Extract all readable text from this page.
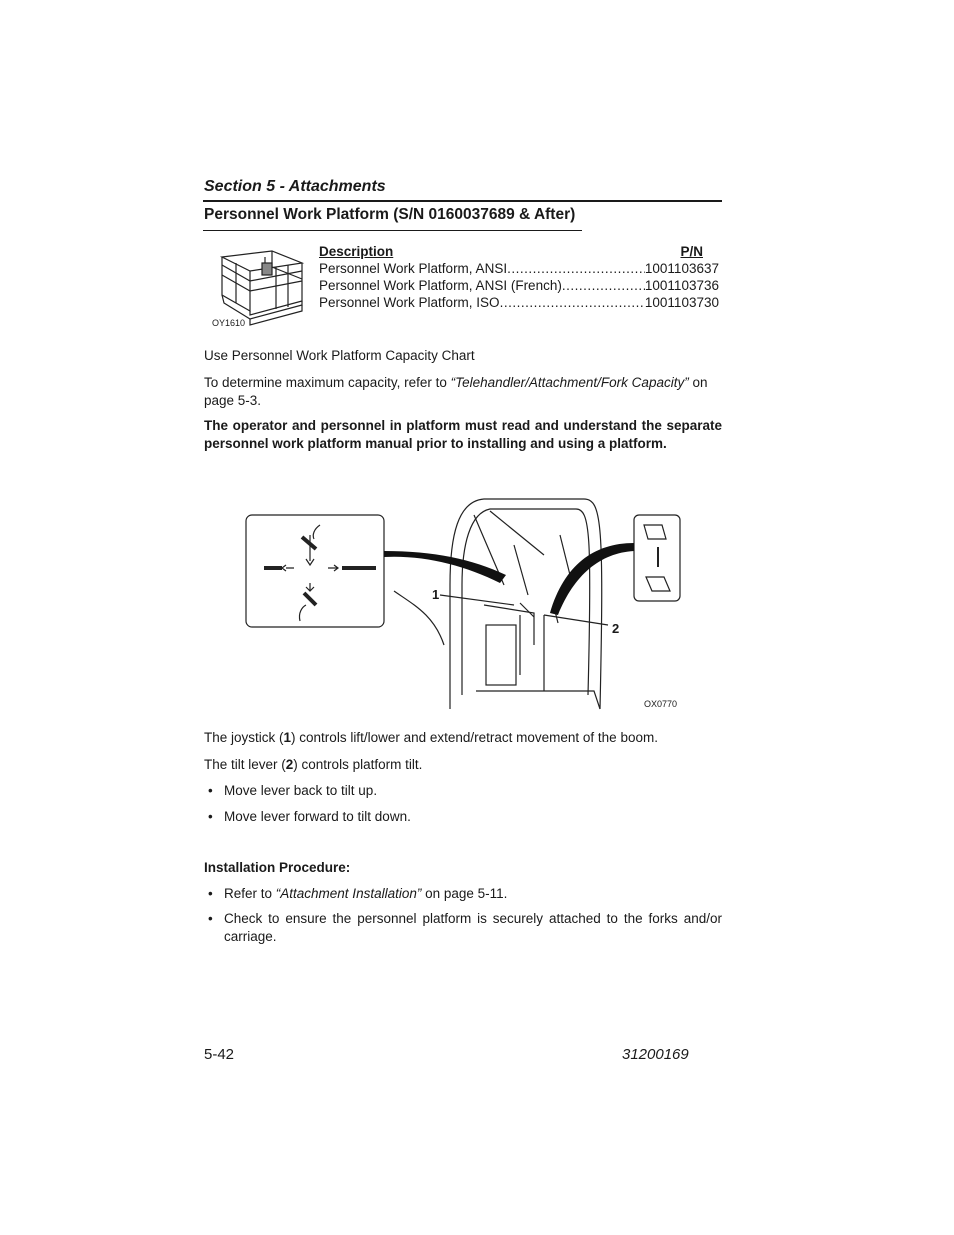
Section 5 - Attachments
Personnel Work Platform (S/N 0160037689 & After)
OY1610
Description	P/N
Personnel Work Platform, ANSI .....	1001103637
Personnel Work Platform, ANSI (French) .....	1001103736
Personnel Work Platform, ISO .....	1001103730
Use Personnel Work Platform Capacity Chart
To determine maximum capacity, refer to “Telehandler/Attachment/Fork Capacity” on page 5-3.
The operator and personnel in platform must read and understand the separate personnel work platform manual prior to installing and using a platform.
1
2
OX0770
The joystick (1) controls lift/lower and extend/retract movement of the boom.
The tilt lever (2) controls platform tilt.
• Move lever back to tilt up.
• Move lever forward to tilt down.
Installation Procedure:
• Refer to “Attachment Installation” on page 5-11.
• Check to ensure the personnel platform is securely attached to the forks and/or carriage.
5-42	31200169
